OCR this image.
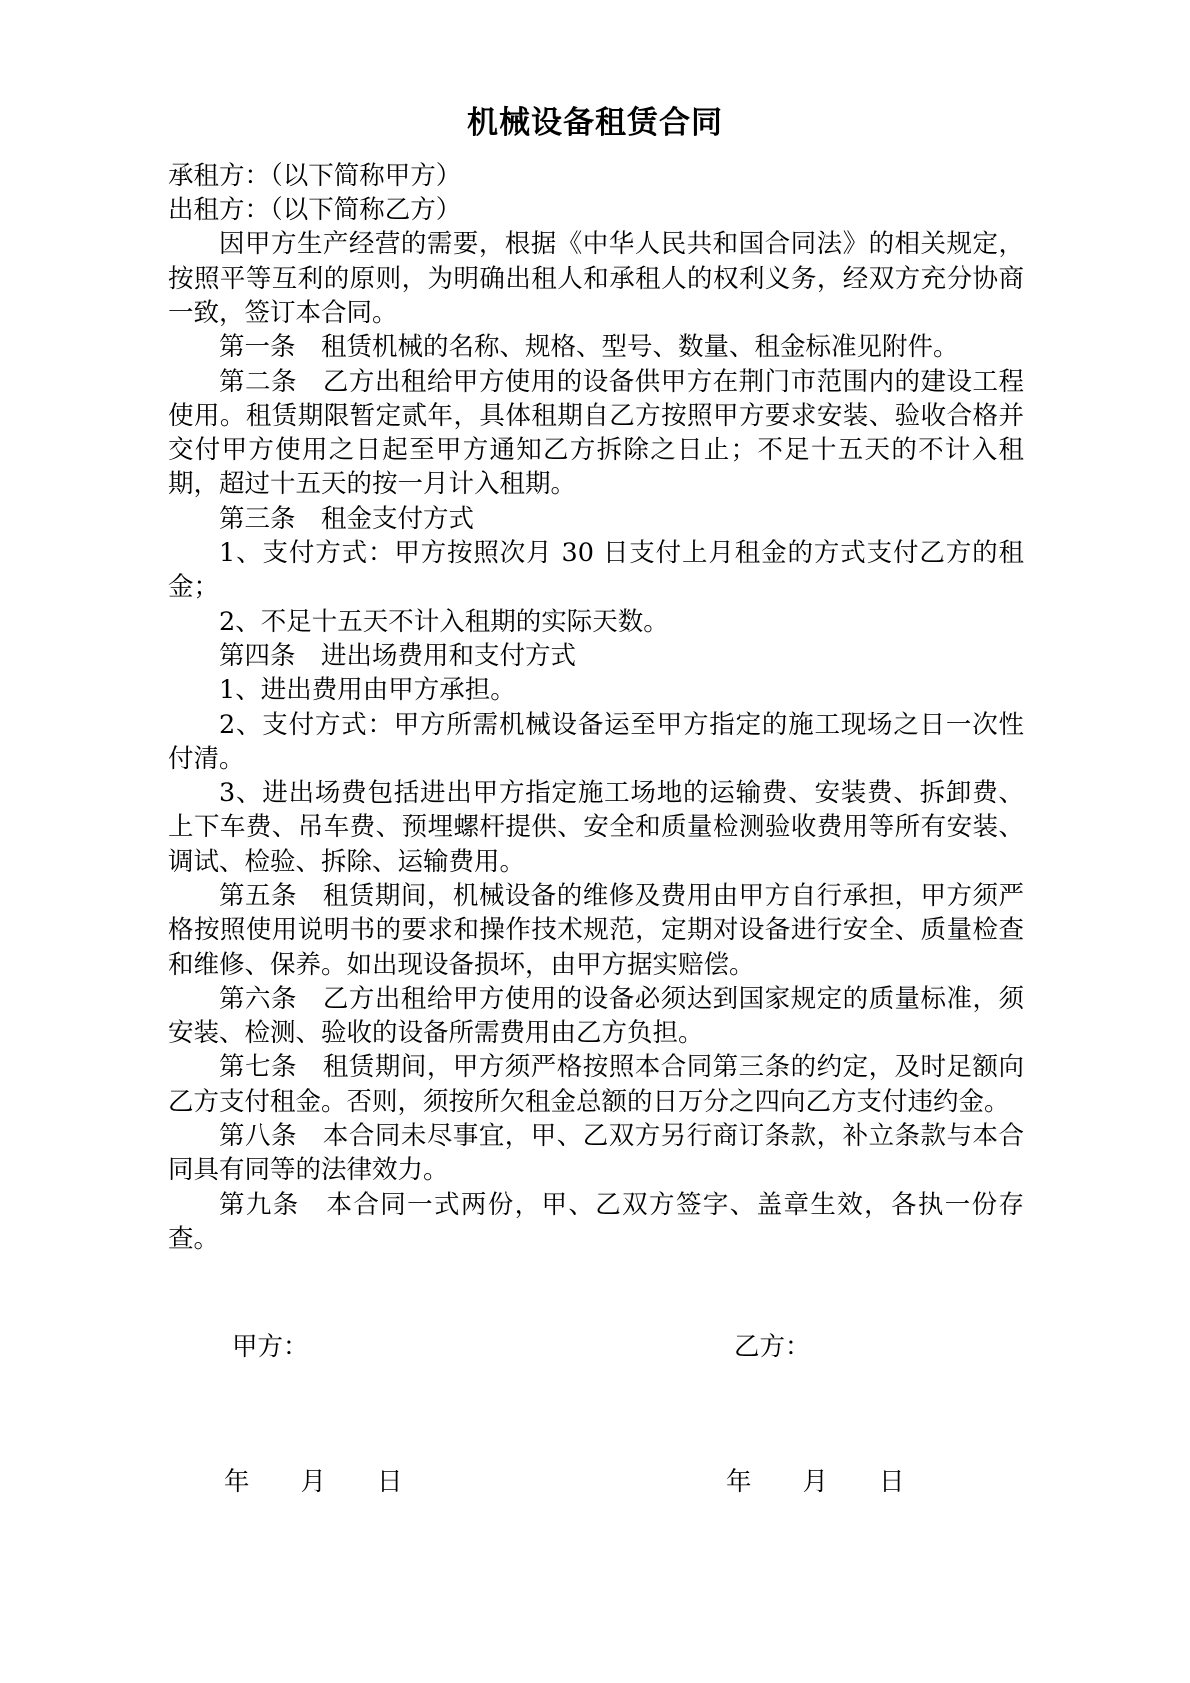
机械设备租赁合同

承租方：（以下简称甲方）

出租方：（以下简称乙方）

因甲方生产经营的需要，根据《中华人民共和国合同法》的相关规定，按照平等互利的原则，为明确出租人和承租人的权利义务，经双方充分协商一致，签订本合同。

第一条　租赁机械的名称、规格、型号、数量、租金标准见附件。

第二条　乙方出租给甲方使用的设备供甲方在荆门市范围内的建设工程使用。租赁期限暂定贰年，具体租期自乙方按照甲方要求安装、验收合格并交付甲方使用之日起至甲方通知乙方拆除之日止；不足十五天的不计入租期，超过十五天的按一月计入租期。

第三条　租金支付方式

1、支付方式：甲方按照次月 30 日支付上月租金的方式支付乙方的租金；

2、不足十五天不计入租期的实际天数。

第四条　进出场费用和支付方式

1、进出费用由甲方承担。

2、支付方式：甲方所需机械设备运至甲方指定的施工现场之日一次性付清。

3、进出场费包括进出甲方指定施工场地的运输费、安装费、拆卸费、上下车费、吊车费、预埋螺杆提供、安全和质量检测验收费用等所有安装、调试、检验、拆除、运输费用。

第五条　租赁期间，机械设备的维修及费用由甲方自行承担，甲方须严格按照使用说明书的要求和操作技术规范，定期对设备进行安全、质量检查和维修、保养。如出现设备损坏，由甲方据实赔偿。

第六条　乙方出租给甲方使用的设备必须达到国家规定的质量标准，须安装、检测、验收的设备所需费用由乙方负担。

第七条　租赁期间，甲方须严格按照本合同第三条的约定，及时足额向乙方支付租金。否则，须按所欠租金总额的日万分之四向乙方支付违约金。

第八条　本合同未尽事宜，甲、乙双方另行商订条款，补立条款与本合同具有同等的法律效力。

第九条　本合同一式两份，甲、乙双方签字、盖章生效，各执一份存查。

甲方：	乙方：
年　　月　　日	年　　月　　日
